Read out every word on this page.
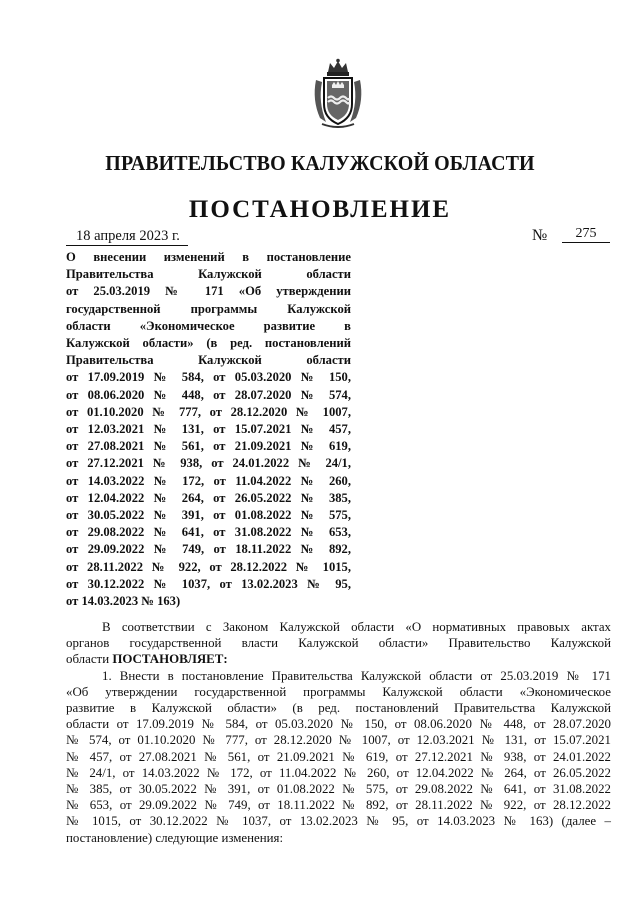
ПРАВИТЕЛЬСТВО КАЛУЖСКОЙ ОБЛАСТИ
ПОСТАНОВЛЕНИЕ
18 апреля 2023 г.	№	275
О внесении изменений в постановление
Правительства Калужской области
от 25.03.2019 № 171 «Об утверждении
государственной программы Калужской
области «Экономическое развитие в
Калужской области» (в ред. постановлений
Правительства Калужской области
от 17.09.2019 № 584, от 05.03.2020 № 150,
от 08.06.2020 № 448, от 28.07.2020 № 574,
от 01.10.2020 № 777, от 28.12.2020 № 1007,
от 12.03.2021 № 131, от 15.07.2021 № 457,
от 27.08.2021 № 561, от 21.09.2021 № 619,
от 27.12.2021 № 938, от 24.01.2022 № 24/1,
от 14.03.2022 № 172, от 11.04.2022 № 260,
от 12.04.2022 № 264, от 26.05.2022 № 385,
от 30.05.2022 № 391, от 01.08.2022 № 575,
от 29.08.2022 № 641, от 31.08.2022 № 653,
от 29.09.2022 № 749, от 18.11.2022 № 892,
от 28.11.2022 № 922, от 28.12.2022 № 1015,
от 30.12.2022 № 1037, от 13.02.2023 № 95,
от 14.03.2023 № 163)
В соответствии с Законом Калужской области «О нормативных правовых актах
органов государственной власти Калужской области» Правительство Калужской
области ПОСТАНОВЛЯЕТ:
1. Внести в постановление Правительства Калужской области от 25.03.2019 № 171
«Об утверждении государственной программы Калужской области «Экономическое
развитие в Калужской области» (в ред. постановлений Правительства Калужской
области от 17.09.2019 № 584, от 05.03.2020 № 150, от 08.06.2020 № 448, от 28.07.2020
№ 574, от 01.10.2020 № 777, от 28.12.2020 № 1007, от 12.03.2021 № 131, от 15.07.2021
№ 457, от 27.08.2021 № 561, от 21.09.2021 № 619, от 27.12.2021 № 938, от 24.01.2022
№ 24/1, от 14.03.2022 № 172, от 11.04.2022 № 260, от 12.04.2022 № 264, от 26.05.2022
№ 385, от 30.05.2022 № 391, от 01.08.2022 № 575, от 29.08.2022 № 641, от 31.08.2022
№ 653, от 29.09.2022 № 749, от 18.11.2022 № 892, от 28.11.2022 № 922, от 28.12.2022
№ 1015, от 30.12.2022 № 1037, от 13.02.2023 № 95, от 14.03.2023 № 163) (далее –
постановление) следующие изменения:
